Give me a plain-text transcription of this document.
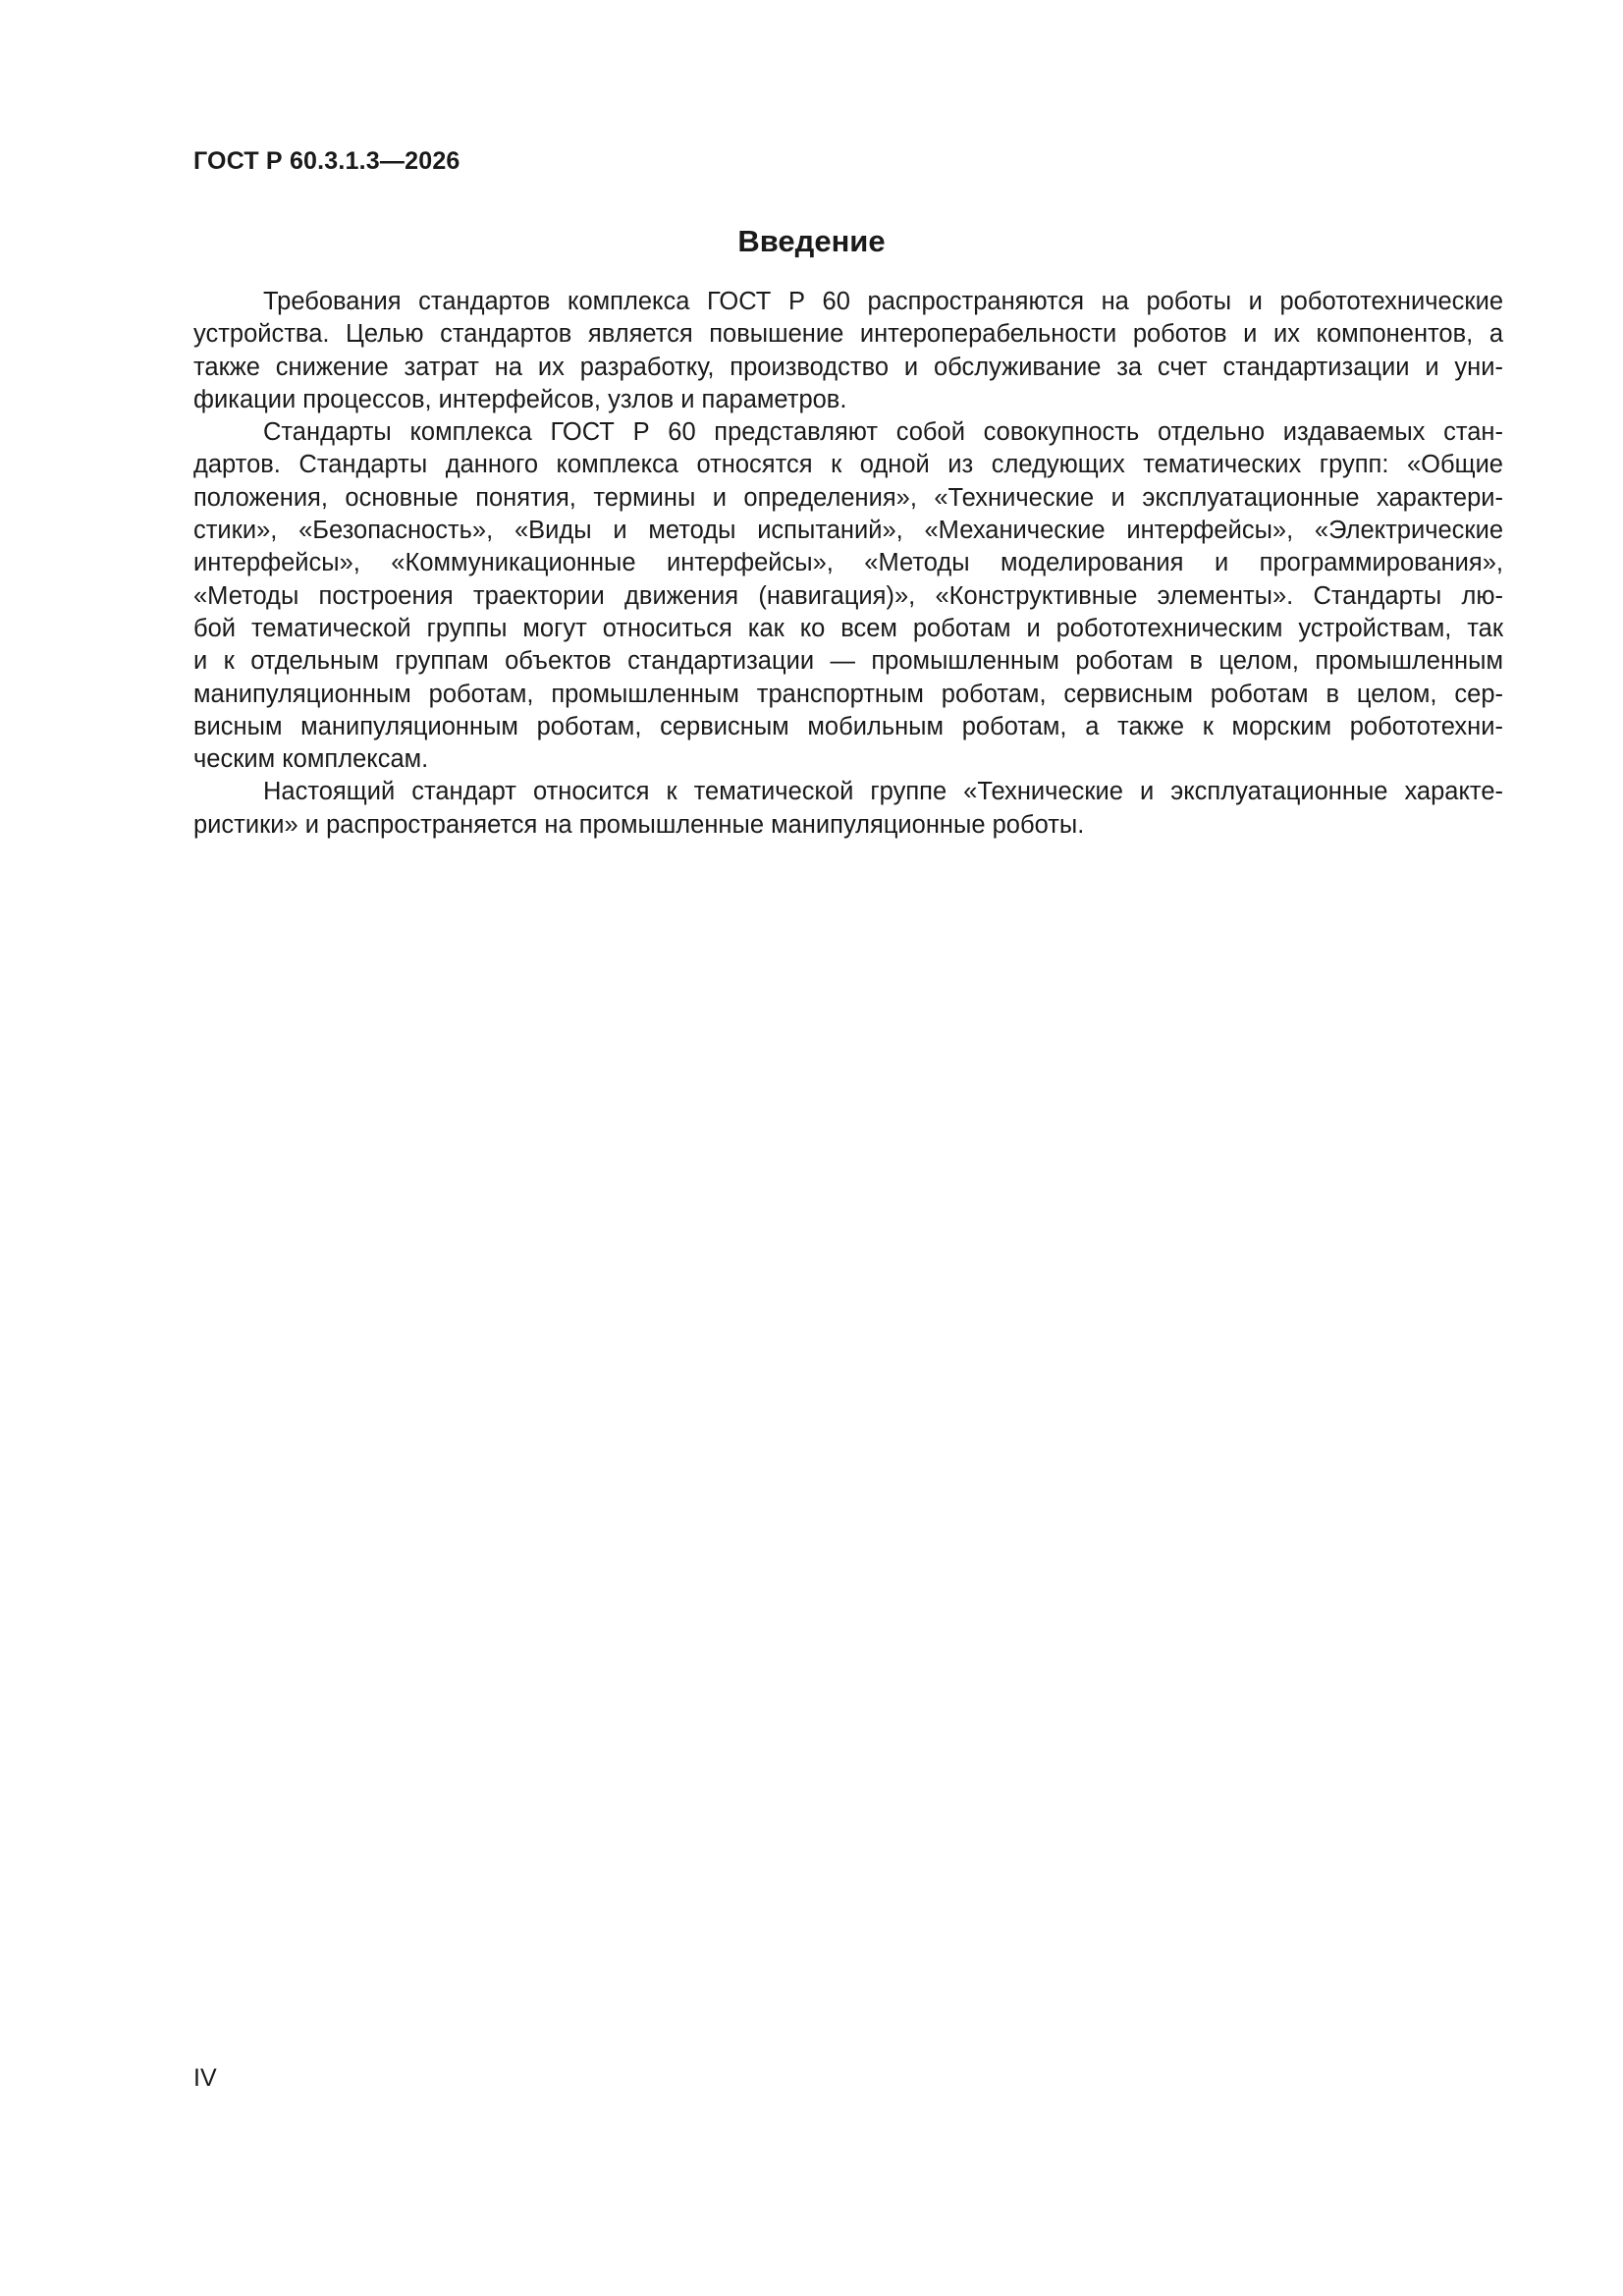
ГОСТ Р 60.3.1.3—2026
Введение

Требования стандартов комплекса ГОСТ Р 60 распространяются на роботы и робототехнические
устройства. Целью стандартов является повышение интероперабельности роботов и их компонентов, а
также снижение затрат на их разработку, производство и обслуживание за счет стандартизации и уни-
фикации процессов, интерфейсов, узлов и параметров.

Стандарты комплекса ГОСТ Р 60 представляют собой совокупность отдельно издаваемых стан-
дартов. Стандарты данного комплекса относятся к одной из следующих тематических групп: «Общие
положения, основные понятия, термины и определения», «Технические и эксплуатационные характери-
стики», «Безопасность», «Виды и методы испытаний», «Механические интерфейсы», «Электрические
интерфейсы», «Коммуникационные интерфейсы», «Методы моделирования и программирования»,
«Методы построения траектории движения (навигация)», «Конструктивные элементы». Стандарты лю-
бой тематической группы могут относиться как ко всем роботам и робототехническим устройствам, так
и к отдельным группам объектов стандартизации — промышленным роботам в целом, промышленным
манипуляционным роботам, промышленным транспортным роботам, сервисным роботам в целом, сер-
висным манипуляционным роботам, сервисным мобильным роботам, а также к морским робототехни-
ческим комплексам.

Настоящий стандарт относится к тематической группе «Технические и эксплуатационные характе-
ристики» и распространяется на промышленные манипуляционные роботы.

IV
